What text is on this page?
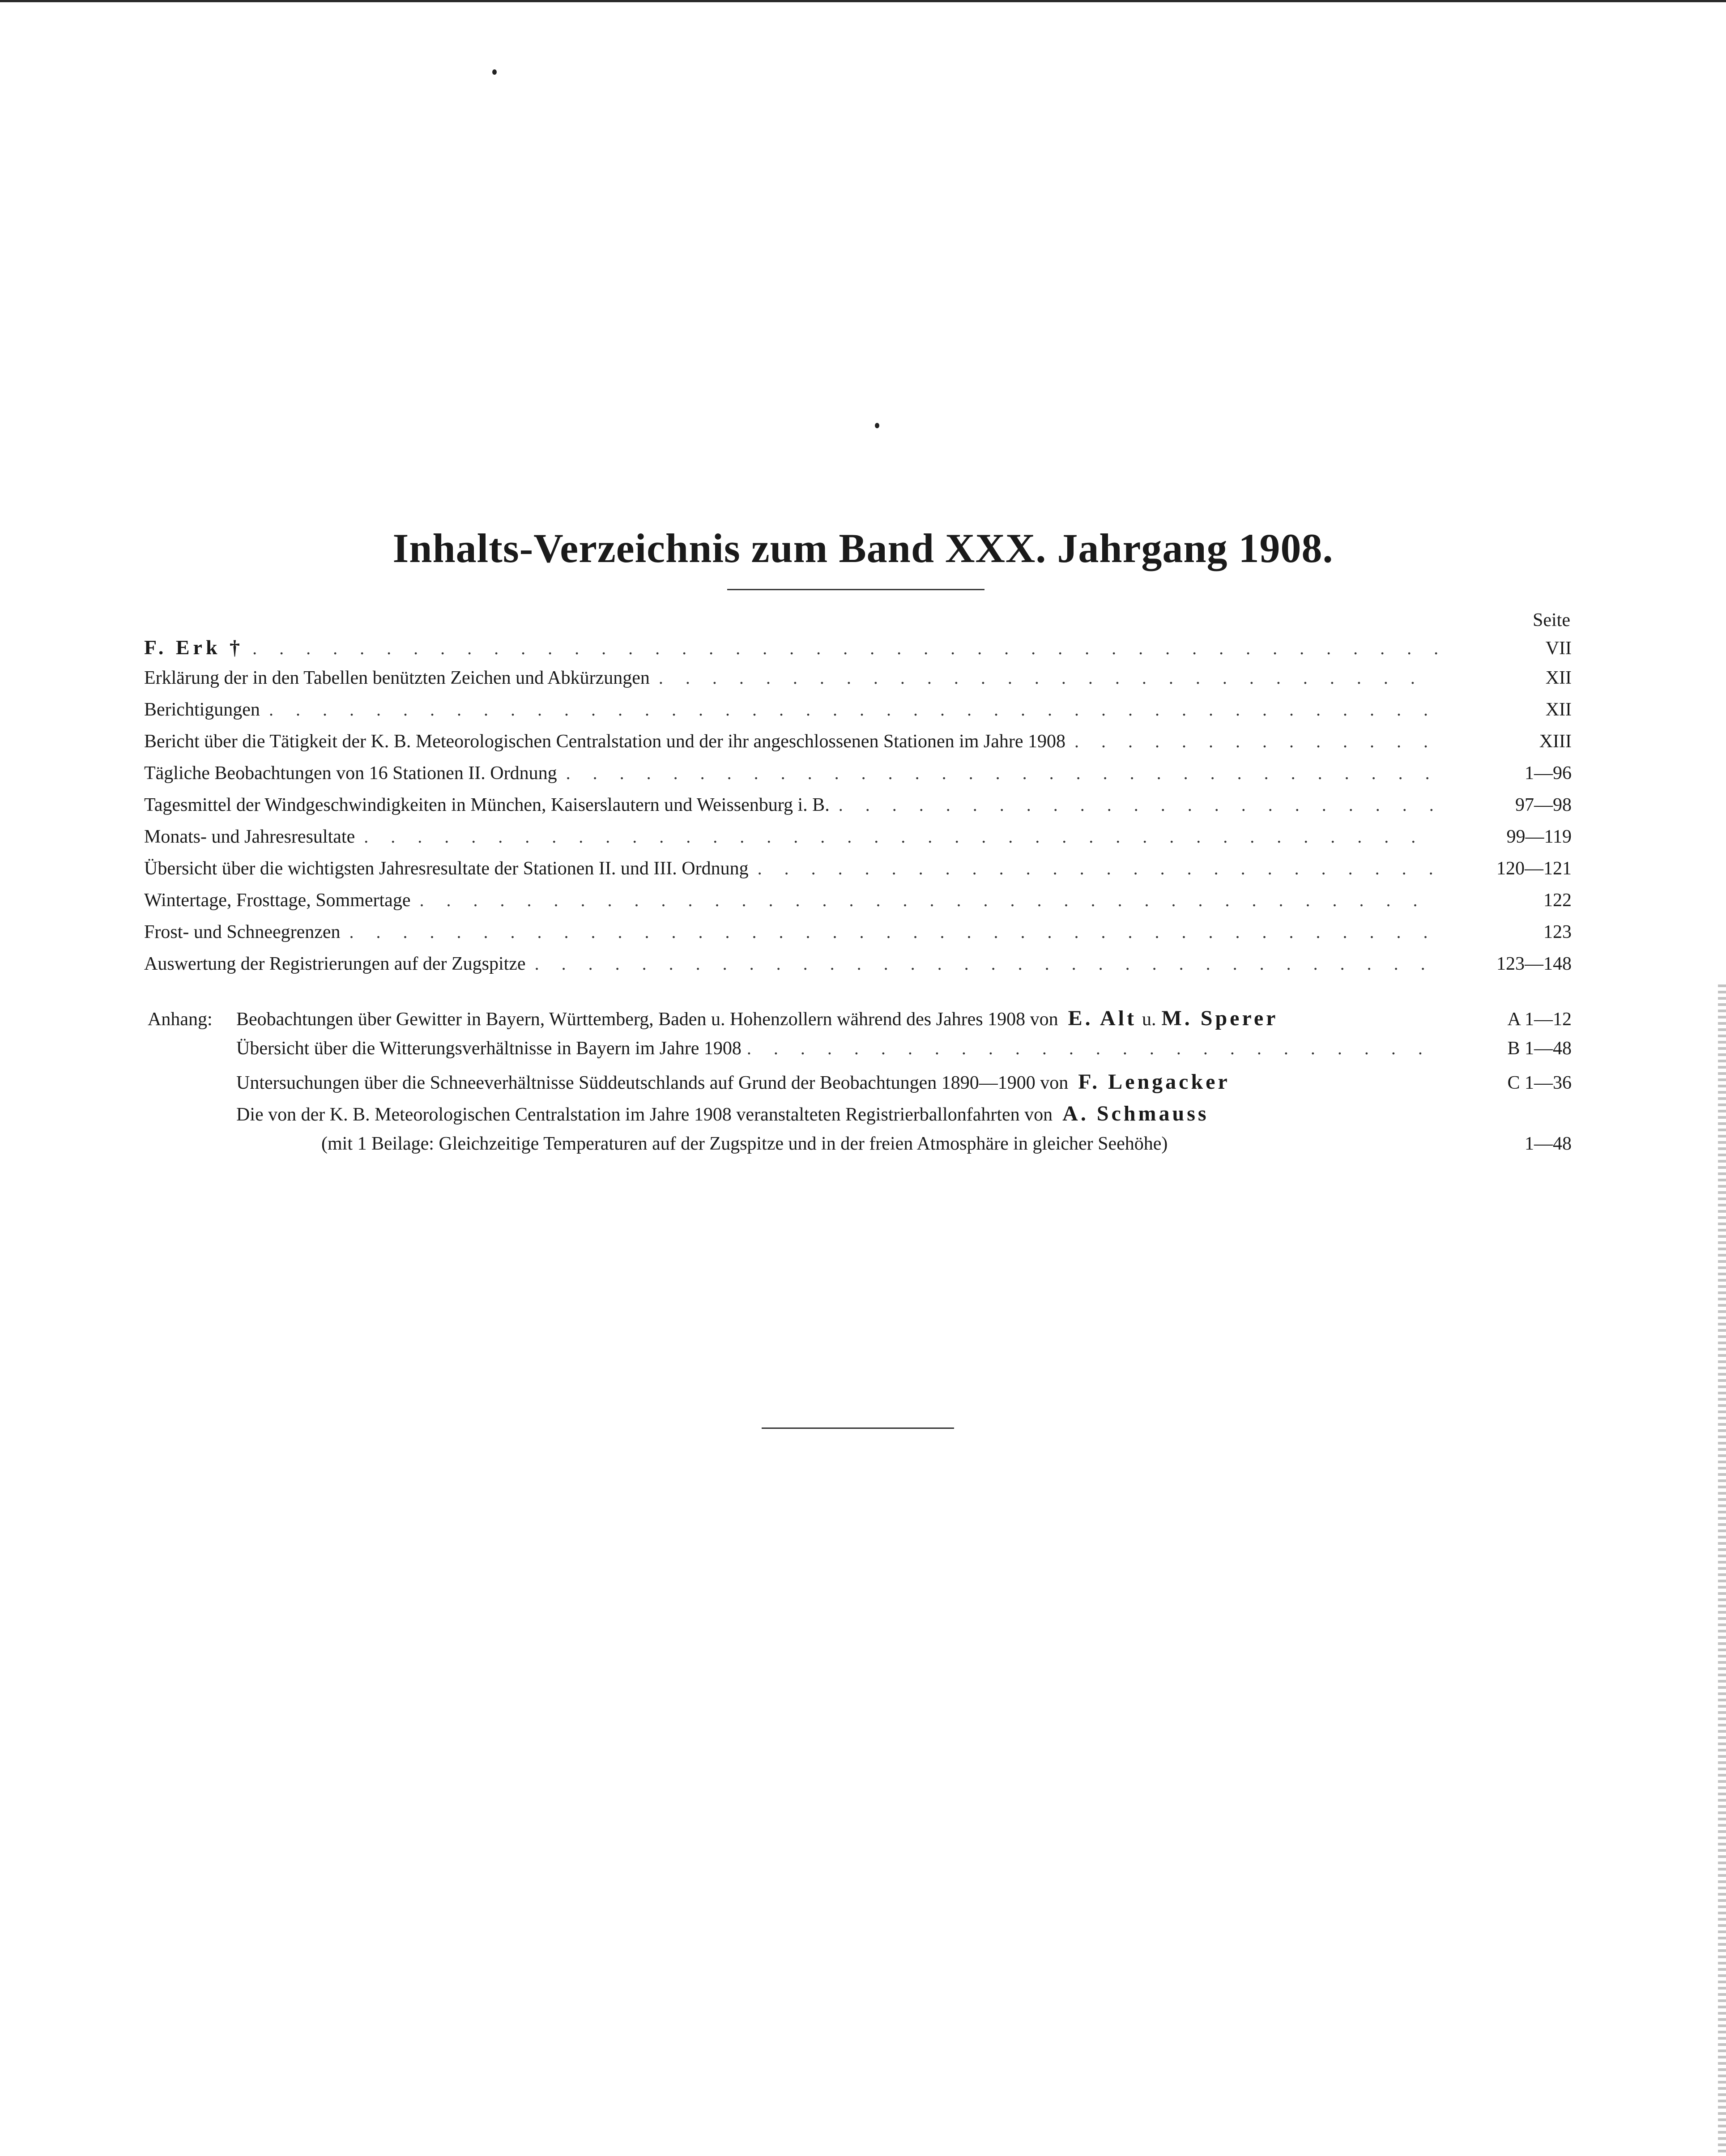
Inhalts-Verzeichnis zum Band XXX. Jahrgang 1908.
Seite
F. Erk † . . .	VII
Erklärung der in den Tabellen benützten Zeichen und Abkürzungen . . .	XII
Berichtigungen . . .	XII
Bericht über die Tätigkeit der K. B. Meteorologischen Centralstation und der ihr angeschlossenen Stationen im Jahre 1908 . . .	XIII
Tägliche Beobachtungen von 16 Stationen II. Ordnung . . .	1—96
Tagesmittel der Windgeschwindigkeiten in München, Kaiserslautern und Weissenburg i. B. . . .	97—98
Monats- und Jahresresultate . . .	99—119
Übersicht über die wichtigsten Jahresresultate der Stationen II. und III. Ordnung . . .	120—121
Wintertage, Frosttage, Sommertage . . .	122
Frost- und Schneegrenzen . . .	123
Auswertung der Registrierungen auf der Zugspitze . . .	123—148
Anhang:	Beobachtungen über Gewitter in Bayern, Württemberg, Baden u. Hohenzollern während des Jahres 1908 von E. Alt u. M. Sperer	A 1—12
Übersicht über die Witterungsverhältnisse in Bayern im Jahre 1908 . . .	B 1—48
Untersuchungen über die Schneeverhältnisse Süddeutschlands auf Grund der Beobachtungen 1890—1900 von F. Lengacker	C 1—36
Die von der K. B. Meteorologischen Centralstation im Jahre 1908 veranstalteten Registrierballonfahrten von A. Schmauss
(mit 1 Beilage: Gleichzeitige Temperaturen auf der Zugspitze und in der freien Atmosphäre in gleicher Seehöhe)	1—48
